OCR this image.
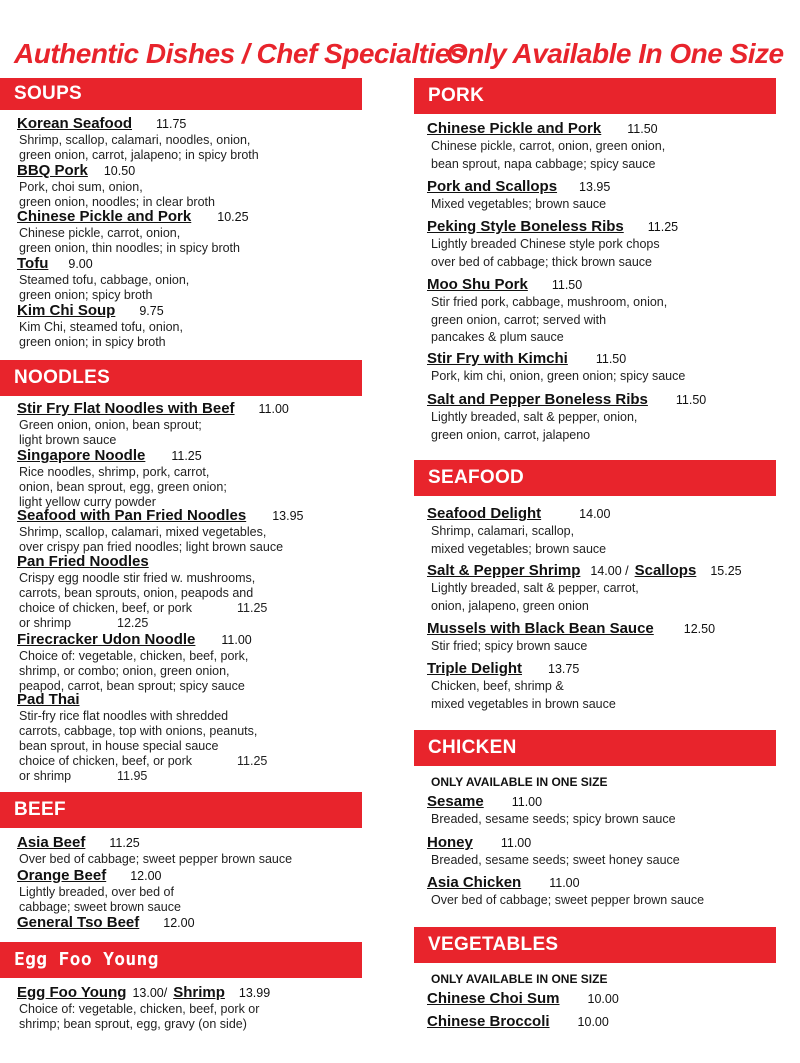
Authentic Dishes / Chef Specialties
Only Available In One Size
SOUPS
Korean Seafood 11.75
Shrimp, scallop, calamari, noodles, onion,
green onion, carrot, jalapeno; in spicy broth
BBQ Pork 10.50
Pork, choi sum, onion,
green onion, noodles; in clear broth
Chinese Pickle and Pork 10.25
Chinese pickle, carrot, onion,
green onion, thin noodles; in spicy broth
Tofu 9.00
Steamed tofu, cabbage, onion,
green onion; spicy broth
Kim Chi Soup 9.75
Kim Chi, steamed tofu, onion,
green onion; in spicy broth
NOODLES
Stir Fry Flat Noodles with Beef 11.00
Green onion, onion, bean sprout;
light brown sauce
Singapore Noodle 11.25
Rice noodles, shrimp, pork, carrot,
onion, bean sprout, egg, green onion;
light yellow curry powder
Seafood with Pan Fried Noodles 13.95
Shrimp, scallop, calamari, mixed vegetables,
over crispy pan fried noodles; light brown sauce
Pan Fried Noodles
Crispy egg noodle stir fried w. mushrooms,
carrots, bean sprouts, onion, peapods and
choice of chicken, beef, or pork	11.25
or shrimp	12.25
Firecracker Udon Noodle 11.00
Choice of: vegetable, chicken, beef, pork,
shrimp, or combo; onion, green onion,
peapod, carrot, bean sprout; spicy sauce
Pad Thai
Stir-fry rice flat noodles with shredded
carrots, cabbage, top with onions, peanuts,
bean sprout, in house special sauce
choice of chicken, beef, or pork	11.25
or shrimp	11.95
BEEF
Asia Beef 11.25
Over bed of cabbage; sweet pepper brown sauce
Orange Beef 12.00
Lightly breaded, over bed of
cabbage; sweet brown sauce
General Tso Beef 12.00
Egg Foo Young
Egg Foo Young 13.00/ Shrimp 13.99
Choice of: vegetable, chicken, beef, pork or
shrimp; bean sprout, egg, gravy (on side)
PORK
Chinese Pickle and Pork 11.50
Chinese pickle, carrot, onion, green onion,
bean sprout, napa cabbage; spicy sauce
Pork and Scallops 13.95
Mixed vegetables; brown sauce
Peking Style Boneless Ribs 11.25
Lightly breaded Chinese style pork chops
over bed of cabbage; thick brown sauce
Moo Shu Pork 11.50
Stir fried pork, cabbage, mushroom, onion,
green onion, carrot; served with
pancakes & plum sauce
Stir Fry with Kimchi 11.50
Pork, kim chi, onion, green onion; spicy sauce
Salt and Pepper Boneless Ribs 11.50
Lightly breaded, salt & pepper, onion,
green onion, carrot, jalapeno
SEAFOOD
Seafood Delight	14.00
Shrimp, calamari, scallop,
mixed vegetables; brown sauce
Salt & Pepper Shrimp 14.00 / Scallops 15.25
Lightly breaded, salt & pepper, carrot,
onion, jalapeno, green onion
Mussels with Black Bean Sauce 12.50
Stir fried; spicy brown sauce
Triple Delight 13.75
Chicken, beef, shrimp &
mixed vegetables in brown sauce
CHICKEN
ONLY AVAILABLE IN ONE SIZE
Sesame 11.00
Breaded, sesame seeds; spicy brown sauce
Honey 11.00
Breaded, sesame seeds; sweet honey sauce
Asia Chicken 11.00
Over bed of cabbage; sweet pepper brown sauce
VEGETABLES
ONLY AVAILABLE IN ONE SIZE
Chinese Choi Sum 10.00
Chinese Broccoli 10.00
